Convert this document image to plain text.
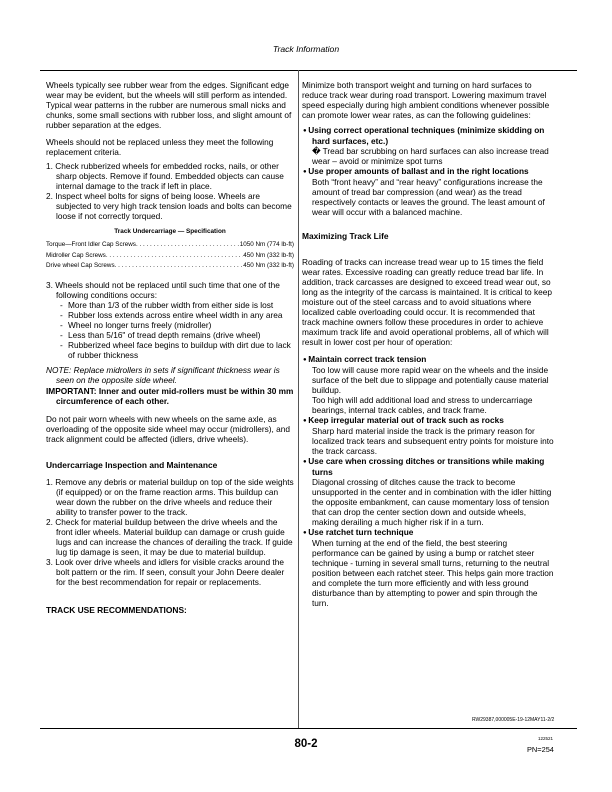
Track Information

Wheels typically see rubber wear from the edges. Significant edge wear may be evident, but the wheels will still perform as intended. Typical wear patterns in the rubber are numerous small nicks and chunks, some small sections with rubber loss, and slight amount of rubber separation at the edges.

Wheels should not be replaced unless they meet the following replacement criteria.

1. Check rubberized wheels for embedded rocks, nails, or other sharp objects. Remove if found. Embedded objects can cause internal damage to the track if left in place.
2. Inspect wheel bolts for signs of being loose. Wheels are subjected to very high track tension loads and bolts can become loose if not correctly torqued.
Track Undercarriage — Specification
Torque—Front Idler Cap Screws . . .	1050 Nm (774 lb-ft)
Midroller Cap Screws . . .	450 Nm (332 lb-ft)
Drive wheel Cap Screws . . .	450 Nm (332 lb-ft)
3. Wheels should not be replaced until such time that one of the following conditions occurs:
- More than 1/3 of the rubber width from either side is lost
- Rubber loss extends across entire wheel width in any area
- Wheel no longer turns freely (midroller)
- Less than 5/16" of tread depth remains (drive wheel)
- Rubberized wheel face begins to buildup with dirt due to lack of rubber thickness
NOTE: Replace midrollers in sets if significant thickness wear is seen on the opposite side wheel.
IMPORTANT: Inner and outer mid-rollers must be within 30 mm circumference of each other.

Do not pair worn wheels with new wheels on the same axle, as overloading of the opposite side wheel may occur (midrollers), and track alignment could be affected (idlers, drive wheels).

Undercarriage Inspection and Maintenance
1. Remove any debris or material buildup on top of the side weights (if equipped) or on the frame reaction arms. This buildup can wear down the rubber on the drive wheels and reduce their ability to transfer power to the track.
2. Check for material buildup between the drive wheels and the front idler wheels. Material buildup can damage or crush guide lugs and can increase the chances of derailing the track. If guide lug tip damage is seen, it may be due to material buildup.
3. Look over drive wheels and idlers for visible cracks around the bolt pattern or the rim. If seen, consult your John Deere dealer for the best recommendation for repair or replacements.
TRACK USE RECOMMENDATIONS:

Minimize both transport weight and turning on hard surfaces to reduce track wear during road transport. Lowering maximum travel speed especially during high ambient conditions whenever possible can promote lower wear rates, as can the following guidelines:

● Using correct operational techniques (minimize skidding on hard surfaces, etc.)
� Tread bar scrubbing on hard surfaces can also increase tread wear – avoid or minimize spot turns
● Use proper amounts of ballast and in the right locations
Both “front heavy” and “rear heavy” configurations increase the amount of tread bar compression (and wear) as the tread respectively contacts or leaves the ground. The least amount of wear will occur with a balanced machine.
Maximizing Track Life

Roading of tracks can increase tread wear up to 15 times the field wear rates. Excessive roading can greatly reduce tread bar life. In addition, track carcasses are designed to exceed tread wear out, so long as the integrity of the carcass is maintained. It is critical to keep moisture out of the steel carcass and to avoid situations where localized cable overloading could occur. It is recommended that track machine owners follow these procedures in order to achieve maximum track life and avoid operational problems, all of which will result in lower cost per hour of operation:

● Maintain correct track tension
Too low will cause more rapid wear on the wheels and the inside surface of the belt due to slippage and potentially cause material buildup.
Too high will add additional load and stress to undercarriage bearings, internal track cables, and track frame.
● Keep irregular material out of track such as rocks
Sharp hard material inside the track is the primary reason for localized track tears and subsequent entry points for moisture into the track carcass.
● Use care when crossing ditches or transitions while making turns
Diagonal crossing of ditches cause the track to become unsupported in the center and in combination with the idler hitting the opposite embankment, can cause momentary loss of tension that can drop the center section down and outside wheels, making derailing a much higher risk if in a turn.
● Use ratchet turn technique
When turning at the end of the field, the best steering performance can be gained by using a bump or ratchet steer technique - turning in several small turns, returning to the neutral position between each ratchet steer. This helps gain more traction and complete the turn more efficiently and with less ground disturbance than by attempting to power and spin through the turn.
RW29387,000005E-19-12MAY11-2/2
80-2	122521
PN=254
